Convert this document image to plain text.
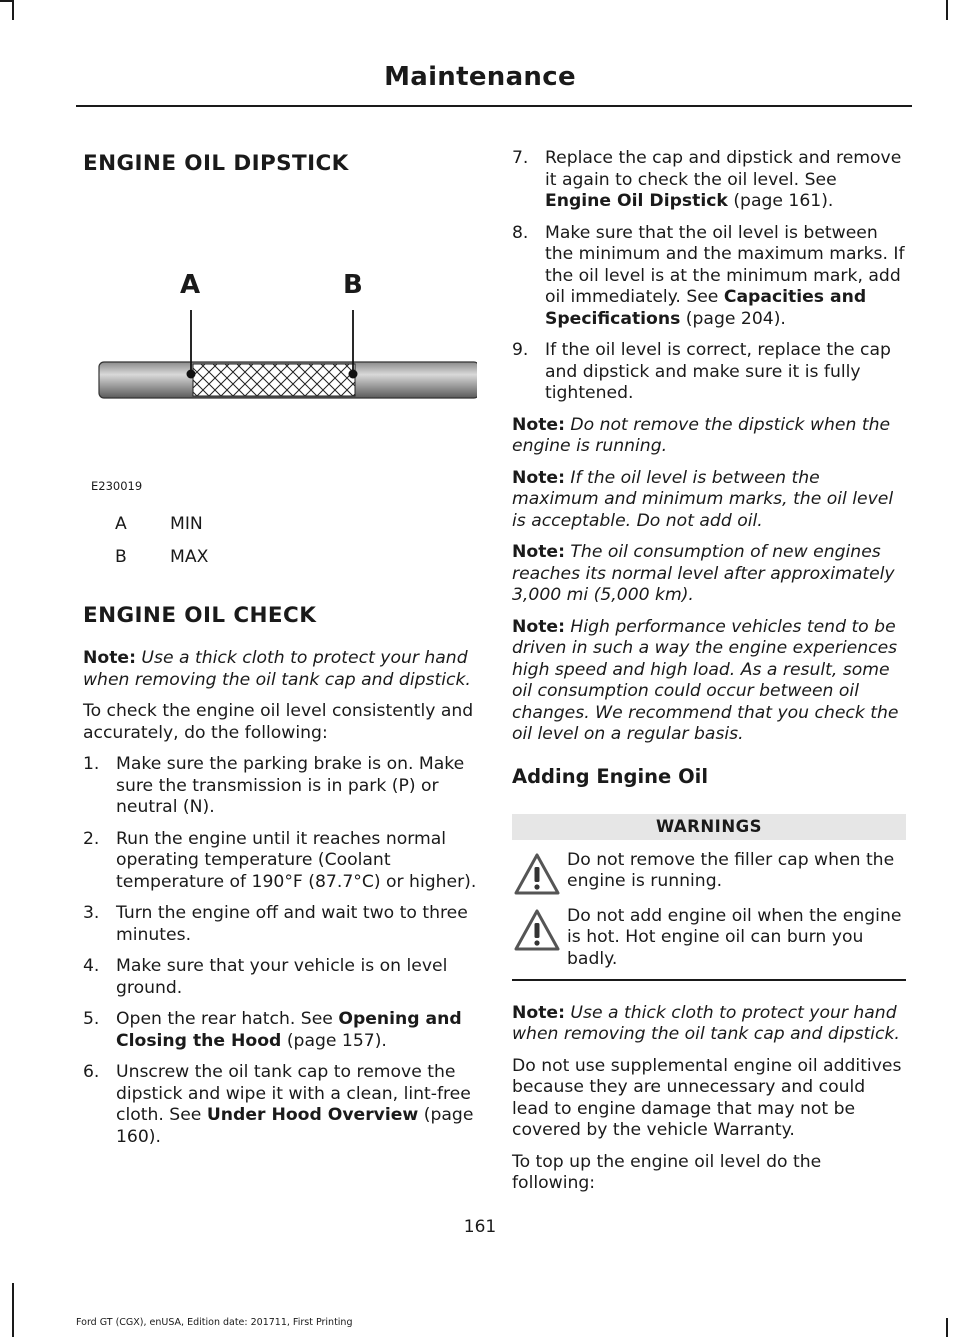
Maintenance
ENGINE OIL DIPSTICK
A	B
E230019
A	MIN
B	MAX
ENGINE OIL CHECK

Note: Use a thick cloth to protect your hand when removing the oil tank cap and dipstick.

To check the engine oil level consistently and accurately, do the following:

1. Make sure the parking brake is on. Make sure the transmission is in park (P) or neutral (N).
2. Run the engine until it reaches normal operating temperature (Coolant temperature of 190°F (87.7°C) or higher).
3. Turn the engine off and wait two to three minutes.
4. Make sure that your vehicle is on level ground.
5. Open the rear hatch. See Opening and Closing the Hood (page 157).
6. Unscrew the oil tank cap to remove the dipstick and wipe it with a clean, lint-free cloth. See Under Hood Overview (page 160).
7. Replace the cap and dipstick and remove it again to check the oil level. See Engine Oil Dipstick (page 161).
8. Make sure that the oil level is between the minimum and the maximum marks. If the oil level is at the minimum mark, add oil immediately. See Capacities and Specifications (page 204).
9. If the oil level is correct, replace the cap and dipstick and make sure it is fully tightened.

Note: Do not remove the dipstick when the engine is running.

Note: If the oil level is between the maximum and minimum marks, the oil level is acceptable. Do not add oil.

Note: The oil consumption of new engines reaches its normal level after approximately 3,000 mi (5,000 km).

Note: High performance vehicles tend to be driven in such a way the engine experiences high speed and high load. As a result, some oil consumption could occur between oil changes. We recommend that you check the oil level on a regular basis.

Adding Engine Oil
WARNINGS
Do not remove the filler cap when the engine is running.
Do not add engine oil when the engine is hot. Hot engine oil can burn you badly.

Note: Use a thick cloth to protect your hand when removing the oil tank cap and dipstick.

Do not use supplemental engine oil additives because they are unnecessary and could lead to engine damage that may not be covered by the vehicle Warranty.

To top up the engine oil level do the following:

161
Ford GT (CGX), enUSA, Edition date: 201711, First Printing
